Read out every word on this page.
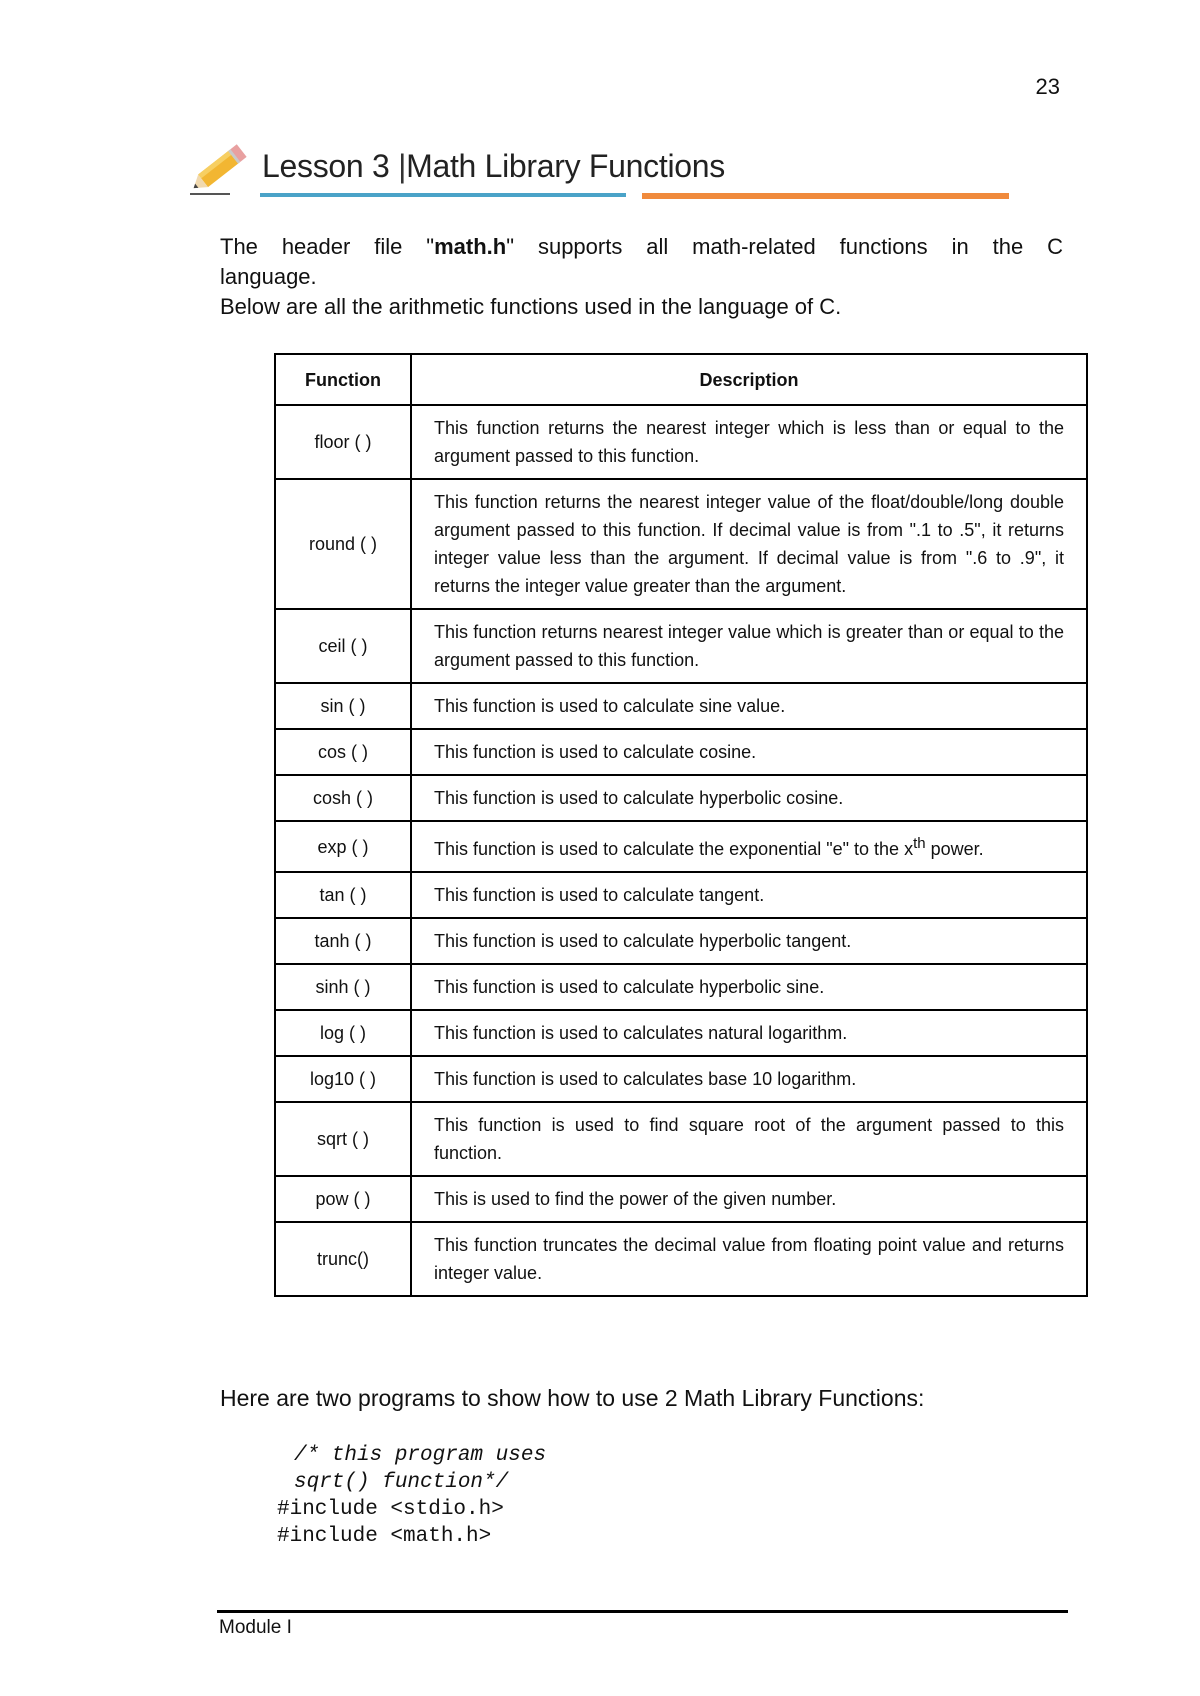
23
Lesson 3 |Math Library Functions

The header file "math.h" supports all math-related functions in the C

language.

Below are all the arithmetic functions used in the language of C.

Function	Description
floor ( )	This function returns the nearest integer which is less than or equal to the argument passed to this function.
round ( )	This function returns the nearest integer value of the float/double/long double argument passed to this function. If decimal value is from ".1 to .5", it returns integer value less than the argument. If decimal value is from ".6 to .9", it returns the integer value greater than the argument.
ceil ( )	This function returns nearest integer value which is greater than or equal to the argument passed to this function.
sin ( )	This function is used to calculate sine value.
cos ( )	This function is used to calculate cosine.
cosh ( )	This function is used to calculate hyperbolic cosine.
exp ( )	This function is used to calculate the exponential "e" to the $x^{th}$ power.
tan ( )	This function is used to calculate tangent.
tanh ( )	This function is used to calculate hyperbolic tangent.
sinh ( )	This function is used to calculate hyperbolic sine.
log ( )	This function is used to calculates natural logarithm.
log10 ( )	This function is used to calculates base 10 logarithm.
sqrt ( )	This function is used to find square root of the argument passed to this function.
pow ( )	This is used to find the power of the given number.
trunc()	This function truncates the decimal value from floating point value and returns integer value.
Here are two programs to show how to use 2 Math Library Functions:
/* this program uses
sqrt() function*/
#include <stdio.h>
#include <math.h>
Module I
